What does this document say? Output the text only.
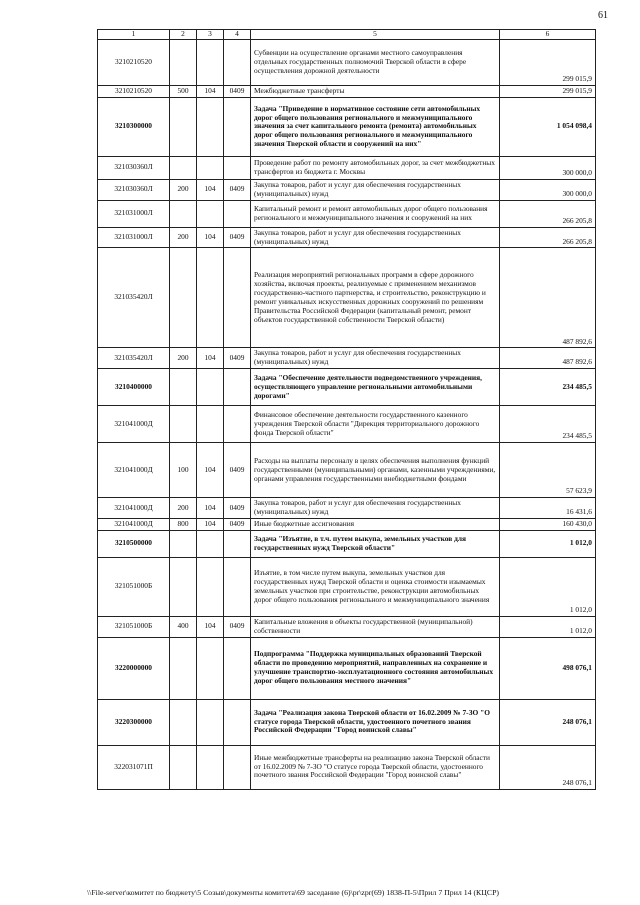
61
1	2	3	4	5	6
3210210520				Субвенции на осуществление органами местного самоуправления отдельных государственных полномочий Тверской области в сфере осуществления дорожной деятельности	299 015,9
3210210520	500	104	0409	Межбюджетные трансферты	299 015,9
3210300000				Задача "Приведение в нормативное состояние сети автомобильных дорог общего пользования регионального и межмуниципального значения за счет капитального ремонта (ремонта) автомобильных дорог общего пользования регионального и межмуниципального значения Тверской области и сооружений на них"	1 054 098,4
321030360Л				Проведение работ по ремонту автомобильных дорог, за счет межбюджетных трансфертов из бюджета г. Москвы	300 000,0
321030360Л	200	104	0409	Закупка товаров, работ и услуг для обеспечения государственных (муниципальных) нужд	300 000,0
321031000Л				Капитальный ремонт и ремонт автомобильных дорог общего пользования регионального и межмуниципального значения и сооружений на них	266 205,8
321031000Л	200	104	0409	Закупка товаров, работ и услуг для обеспечения государственных (муниципальных) нужд	266 205,8
321035420Л				Реализация мероприятий региональных программ в сфере дорожного хозяйства, включая проекты, реализуемые с применением механизмов государственно-частного партнерства, и строительство, реконструкцию и ремонт уникальных искусственных дорожных сооружений по решениям Правительства Российской Федерации (капитальный ремонт, ремонт объектов государственной собственности Тверской области)	487 892,6
321035420Л	200	104	0409	Закупка товаров, работ и услуг для обеспечения государственных (муниципальных) нужд	487 892,6
3210400000				Задача "Обеспечение деятельности подведомственного учреждения, осуществляющего управление региональными автомобильными дорогами"	234 485,5
321041000Д				Финансовое обеспечение деятельности государственного казенного учреждения Тверской области "Дирекция территориального дорожного фонда Тверской области"	234 485,5
321041000Д	100	104	0409	Расходы на выплаты персоналу в целях обеспечения выполнения функций государственными (муниципальными) органами, казенными учреждениями, органами управления государственными внебюджетными фондами	57 623,9
321041000Д	200	104	0409	Закупка товаров, работ и услуг для обеспечения государственных (муниципальных) нужд	16 431,6
321041000Д	800	104	0409	Иные бюджетные ассигнования	160 430,0
3210500000				Задача "Изъятие, в т.ч. путем выкупа, земельных участков для государственных нужд Тверской области"	1 012,0
321051000Б				Изъятие, в том числе путем выкупа, земельных участков для государственных нужд Тверской области и оценка стоимости изымаемых земельных участков при строительстве, реконструкции автомобильных дорог общего пользования регионального и межмуниципального значения	1 012,0
321051000Б	400	104	0409	Капитальные вложения в объекты государственной (муниципальной) собственности	1 012,0
3220000000				Подпрограмма "Поддержка муниципальных образований Тверской области по проведению мероприятий, направленных на сохранение и улучшение транспортно-эксплуатационного состояния автомобильных дорог общего пользования местного значения"	498 076,1
3220300000				Задача "Реализация закона Тверской области от 16.02.2009 № 7-ЗО "О статусе города Тверской области, удостоенного почетного звания Российской Федерации "Город воинской славы"	248 076,1
322031071П				Иные межбюджетные трансферты на реализацию закона Тверской области от 16.02.2009 № 7-ЗО "О статусе города Тверской области, удостоенного почетного звания Российской Федерации "Город воинской славы"	248 076,1
\\File-server\комитет по бюджету\5 Созыв\документы комитета\69 заседание (6)\pr\zpr(69) 1838-П-5\Прил 7 Прил 14 (КЦСР)
